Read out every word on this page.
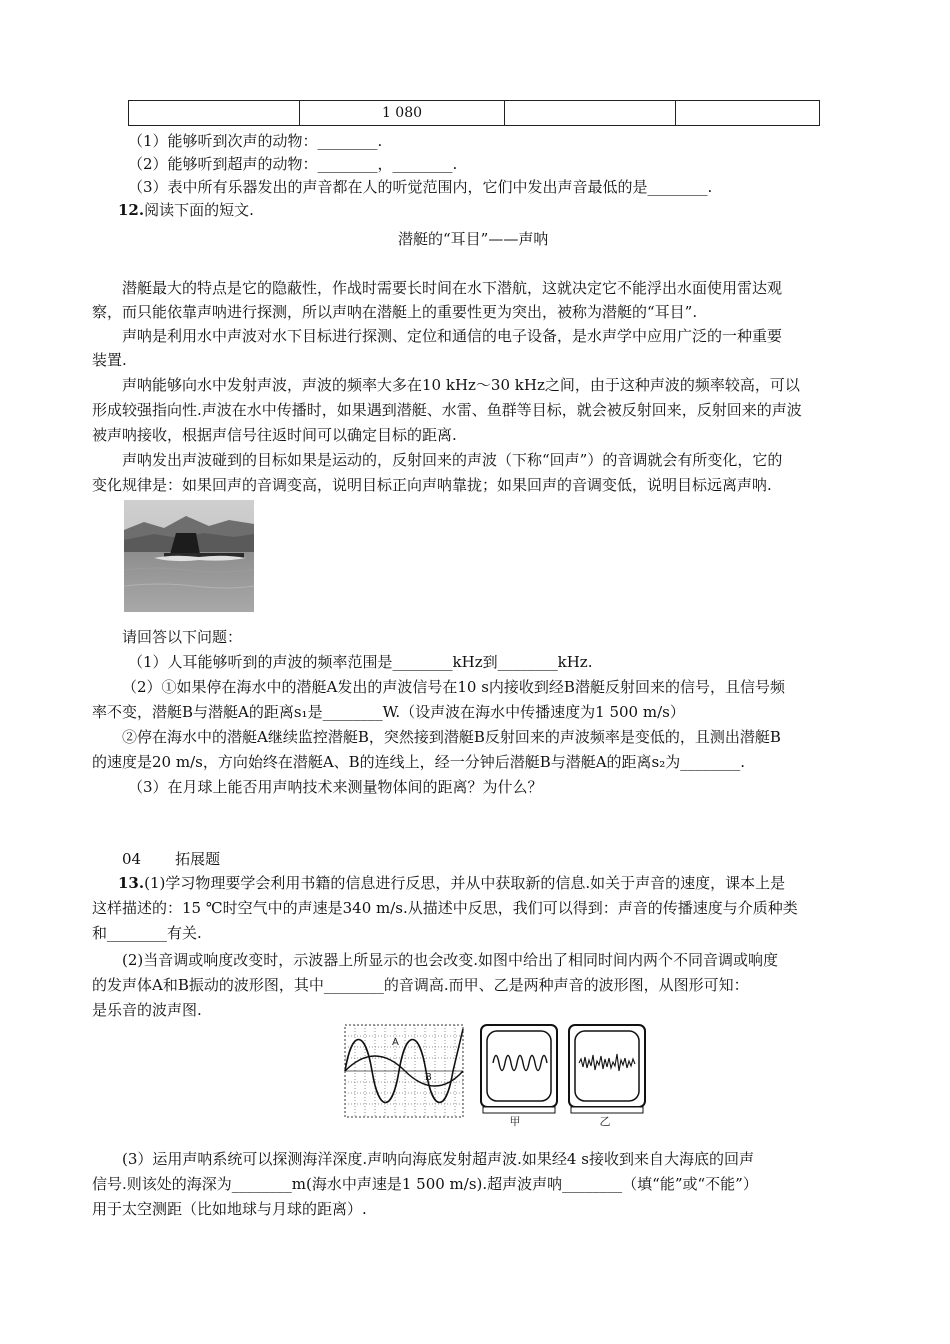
	1 080		
（1）能够听到次声的动物：________.
（2）能够听到超声的动物：________，________.
（3）表中所有乐器发出的声音都在人的听觉范围内，它们中发出声音最低的是________.
12.阅读下面的短文.
潜艇的“耳目”——声呐
潜艇最大的特点是它的隐蔽性，作战时需要长时间在水下潜航，这就决定它不能浮出水面使用雷达观
察，而只能依靠声呐进行探测，所以声呐在潜艇上的重要性更为突出，被称为潜艇的“耳目”.
声呐是利用水中声波对水下目标进行探测、定位和通信的电子设备，是水声学中应用广泛的一种重要
装置.
声呐能够向水中发射声波，声波的频率大多在10 kHz～30 kHz之间，由于这种声波的频率较高，可以
形成较强指向性.声波在水中传播时，如果遇到潜艇、水雷、鱼群等目标，就会被反射回来，反射回来的声波
被声呐接收，根据声信号往返时间可以确定目标的距离.
声呐发出声波碰到的目标如果是运动的，反射回来的声波（下称“回声”）的音调就会有所变化，它的
变化规律是：如果回声的音调变高，说明目标正向声呐靠拢；如果回声的音调变低，说明目标远离声呐.
请回答以下问题：
（1）人耳能够听到的声波的频率范围是________kHz到________kHz.
（2）①如果停在海水中的潜艇A发出的声波信号在10 s内接收到经B潜艇反射回来的信号，且信号频
率不变，潜艇B与潜艇A的距离s₁是________W.（设声波在海水中传播速度为1 500 m/s）
②停在海水中的潜艇A继续监控潜艇B，突然接到潜艇B反射回来的声波频率是变低的，且测出潜艇B
的速度是20 m/s，方向始终在潜艇A、B的连线上，经一分钟后潜艇B与潜艇A的距离s₂为________.
（3）在月球上能否用声呐技术来测量物体间的距离？为什么？
04 拓展题
13.(1)学习物理要学会利用书籍的信息进行反思，并从中获取新的信息.如关于声音的速度，课本上是
这样描述的：15 ℃时空气中的声速是340 m/s.从描述中反思，我们可以得到：声音的传播速度与介质种类
和________有关.
(2)当音调或响度改变时，示波器上所显示的也会改变.如图中给出了相同时间内两个不同音调或响度
的发声体A和B振动的波形图，其中________的音调高.而甲、乙是两种声音的波形图，从图形可知：
是乐音的波声图.
A
B
甲	乙
(3）运用声呐系统可以探测海洋深度.声呐向海底发射超声波.如果经4 s接收到来自大海底的回声
信号.则该处的海深为________m(海水中声速是1 500 m/s).超声波声呐________（填“能”或“不能”）
用于太空测距（比如地球与月球的距离）.
